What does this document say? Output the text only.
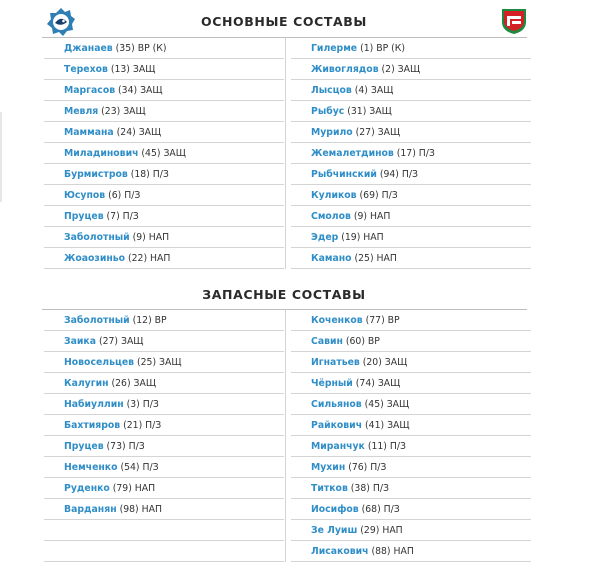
ОСНОВНЫЕ СОСТАВЫ
Джанаев (35) ВР (К)
Терехов (13) ЗАЩ
Маргасов (34) ЗАЩ
Мевля (23) ЗАЩ
Маммана (24) ЗАЩ
Миладинович (45) ЗАЩ
Бурмистров (18) П/З
Юсупов (6) П/З
Пруцев (7) П/З
Заболотный (9) НАП
Жоаозиньо (22) НАП
Гилерме (1) ВР (К)
Живоглядов (2) ЗАЩ
Лысцов (4) ЗАЩ
Рыбус (31) ЗАЩ
Мурило (27) ЗАЩ
Жемалетдинов (17) П/З
Рыбчинский (94) П/З
Куликов (69) П/З
Смолов (9) НАП
Эдер (19) НАП
Камано (25) НАП
ЗАПАСНЫЕ СОСТАВЫ
Заболотный (12) ВР
Заика (27) ЗАЩ
Новосельцев (25) ЗАЩ
Калугин (26) ЗАЩ
Набиуллин (3) П/З
Бахтияров (21) П/З
Пруцев (73) П/З
Немченко (54) П/З
Руденко (79) НАП
Варданян (98) НАП
Коченков (77) ВР
Савин (60) ВР
Игнатьев (20) ЗАЩ
Чёрный (74) ЗАЩ
Сильянов (45) ЗАЩ
Райкович (41) ЗАЩ
Миранчук (11) П/З
Мухин (76) П/З
Титков (38) П/З
Иосифов (68) П/З
Зе Луиш (29) НАП
Лисакович (88) НАП
